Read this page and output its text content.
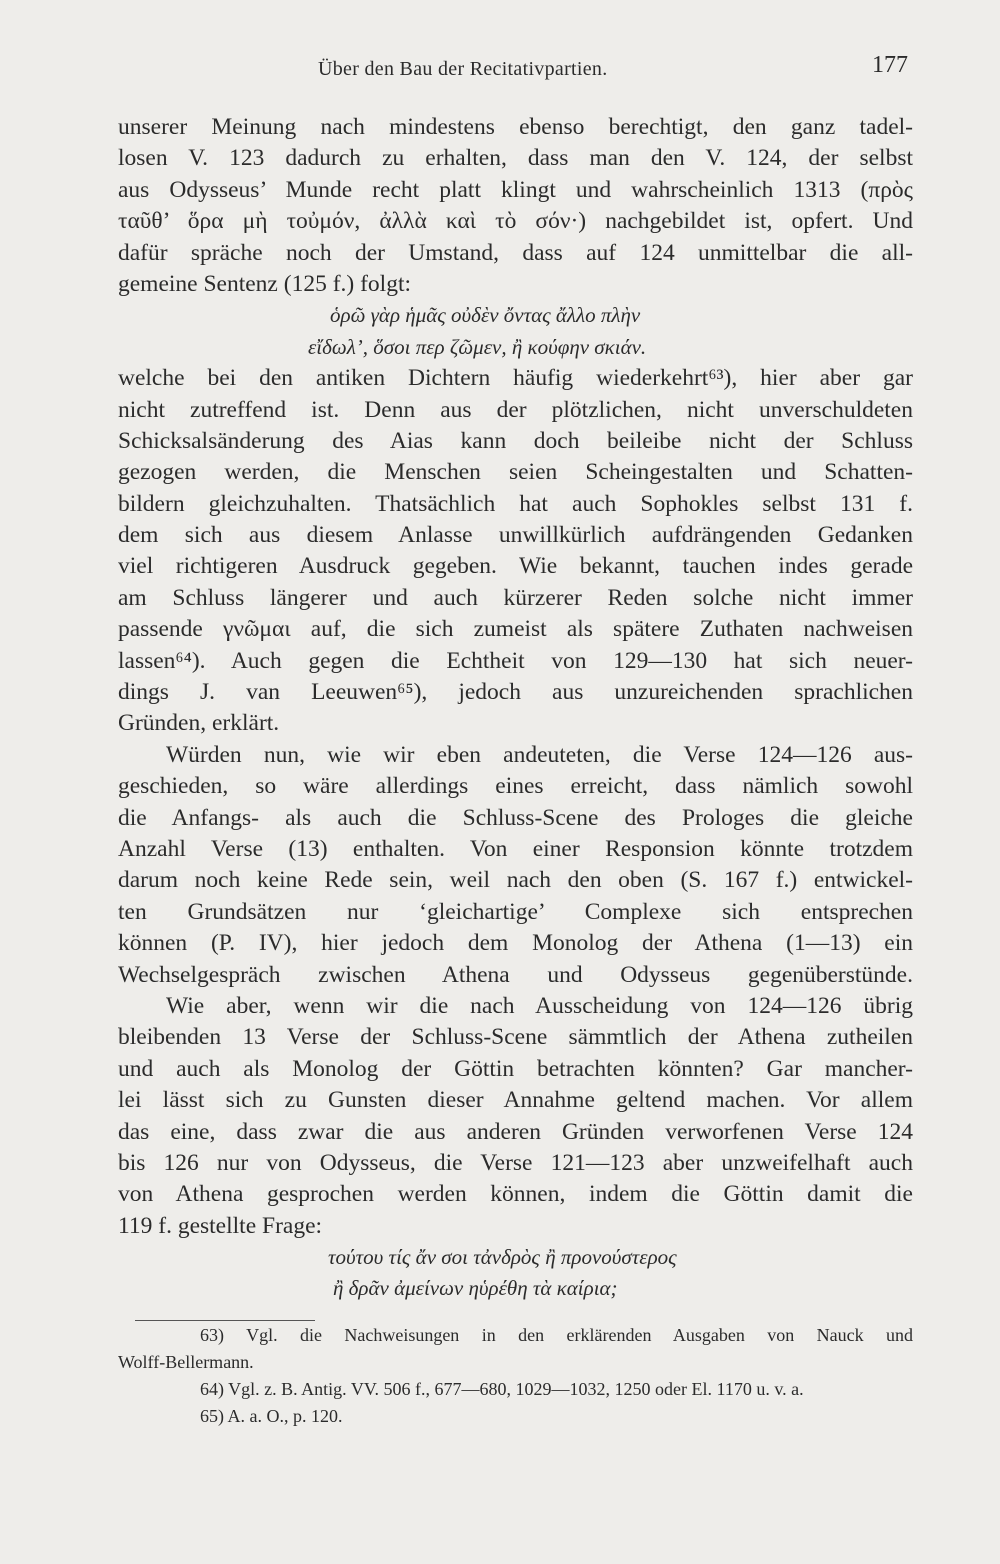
Über den Bau der Recitativpartien.	177
unserer Meinung nach mindestens ebenso berechtigt, den ganz tadel-
losen V. 123 dadurch zu erhalten, dass man den V. 124, der selbst
aus Odysseus’ Munde recht platt klingt und wahrscheinlich 1313 (πρὸς
ταῦθ’ ὅρα μὴ τοὐμόν, ἀλλὰ καὶ τὸ σόν·) nachgebildet ist, opfert. Und
dafür spräche noch der Umstand, dass auf 124 unmittelbar die all-
gemeine Sentenz (125 f.) folgt:
ὁρῶ γὰρ ἡμᾶς οὐδὲν ὄντας ἄλλο πλὴν
εἴδωλ’, ὅσοι περ ζῶμεν, ἢ κούφην σκιάν.
welche bei den antiken Dichtern häufig wiederkehrt⁶³), hier aber gar
nicht zutreffend ist. Denn aus der plötzlichen, nicht unverschuldeten
Schicksalsänderung des Aias kann doch beileibe nicht der Schluss
gezogen werden, die Menschen seien Scheingestalten und Schatten-
bildern gleichzuhalten. Thatsächlich hat auch Sophokles selbst 131 f.
dem sich aus diesem Anlasse unwillkürlich aufdrängenden Gedanken
viel richtigeren Ausdruck gegeben. Wie bekannt, tauchen indes gerade
am Schluss längerer und auch kürzerer Reden solche nicht immer
passende γνῶμαι auf, die sich zumeist als spätere Zuthaten nachweisen
lassen⁶⁴). Auch gegen die Echtheit von 129—130 hat sich neuer-
dings J. van Leeuwen⁶⁵), jedoch aus unzureichenden sprachlichen
Gründen, erklärt.
Würden nun, wie wir eben andeuteten, die Verse 124—126 aus-
geschieden, so wäre allerdings eines erreicht, dass nämlich sowohl
die Anfangs- als auch die Schluss-Scene des Prologes die gleiche
Anzahl Verse (13) enthalten. Von einer Responsion könnte trotzdem
darum noch keine Rede sein, weil nach den oben (S. 167 f.) entwickel-
ten Grundsätzen nur ‘gleichartige’ Complexe sich entsprechen
können (P. IV), hier jedoch dem Monolog der Athena (1—13) ein
Wechselgespräch zwischen Athena und Odysseus gegenüberstünde.
Wie aber, wenn wir die nach Ausscheidung von 124—126 übrig
bleibenden 13 Verse der Schluss-Scene sämmtlich der Athena zutheilen
und auch als Monolog der Göttin betrachten könnten? Gar mancher-
lei lässt sich zu Gunsten dieser Annahme geltend machen. Vor allem
das eine, dass zwar die aus anderen Gründen verworfenen Verse 124
bis 126 nur von Odysseus, die Verse 121—123 aber unzweifelhaft auch
von Athena gesprochen werden können, indem die Göttin damit die
119 f. gestellte Frage:
τούτου τίς ἄν σοι τἀνδρὸς ἢ προνούστερος
ἢ δρᾶν ἀμείνων ηὑρέθη τὰ καίρια;
63) Vgl. die Nachweisungen in den erklärenden Ausgaben von Nauck und
Wolff-Bellermann.
64) Vgl. z. B. Antig. VV. 506 f., 677—680, 1029—1032, 1250 oder El. 1170 u. v. a.
65) A. a. O., p. 120.
